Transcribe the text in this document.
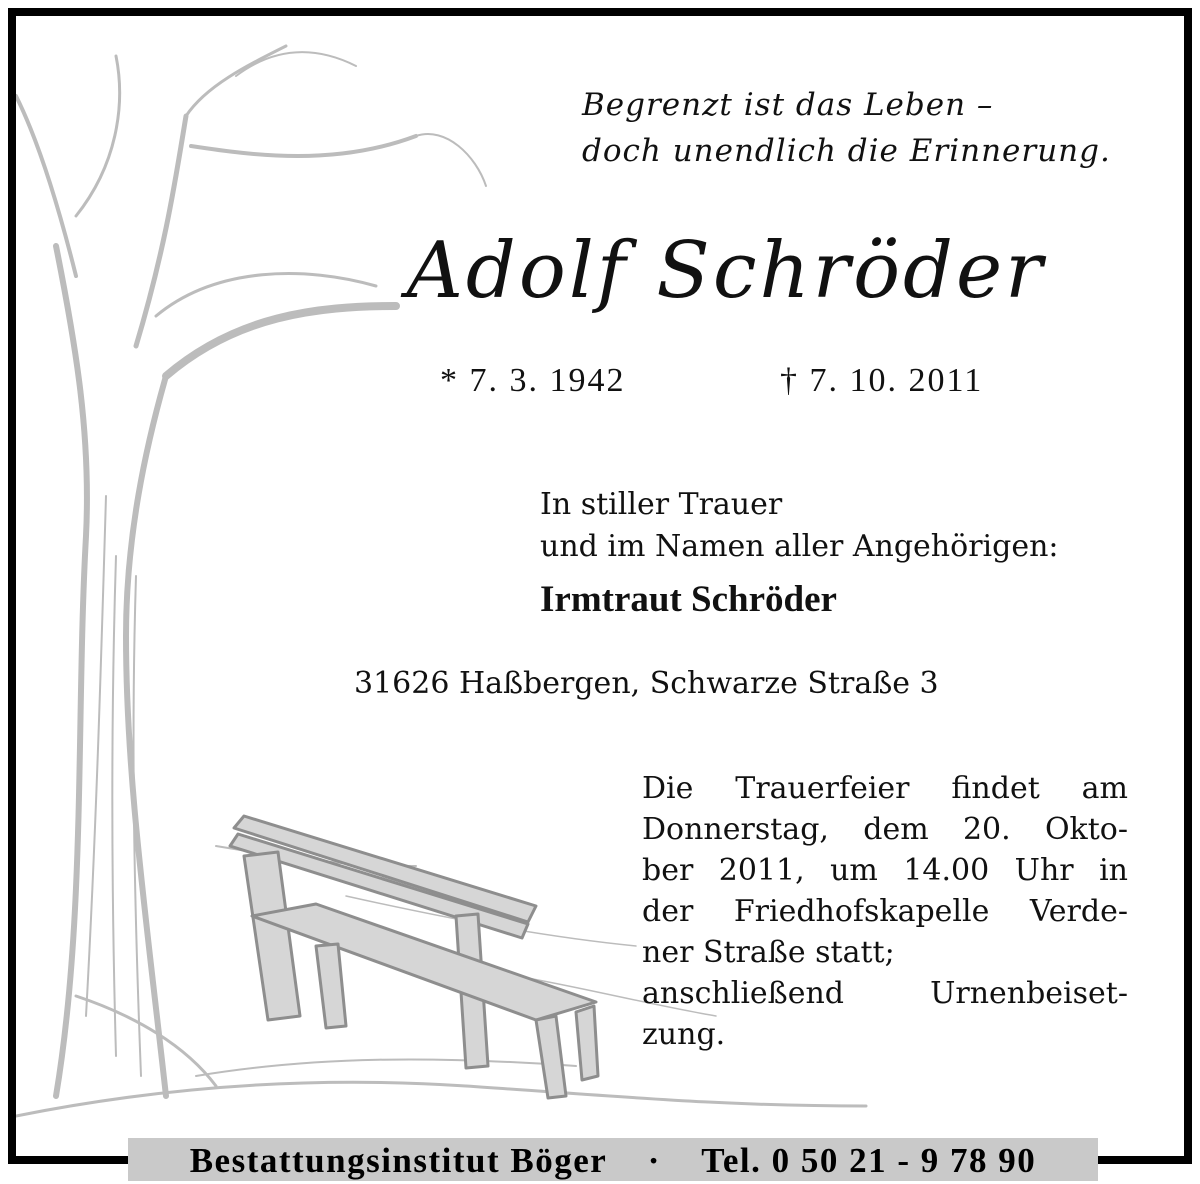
Begrenzt ist das Leben –
doch unendlich die Erinnerung.
Adolf Schröder
* 7. 3. 1942	† 7. 10. 2011
In stiller Trauer
und im Namen aller Angehörigen:
Irmtraut Schröder
31626 Haßbergen, Schwarze Straße 3
Die Trauerfeier findet am
Donnerstag, dem 20. Okto-
ber 2011, um 14.00 Uhr in
der Friedhofskapelle Verde-
ner Straße statt;
anschließend Urnenbeiset-
zung.
Bestattungsinstitut Böger · Tel. 0 50 21 - 9 78 90
